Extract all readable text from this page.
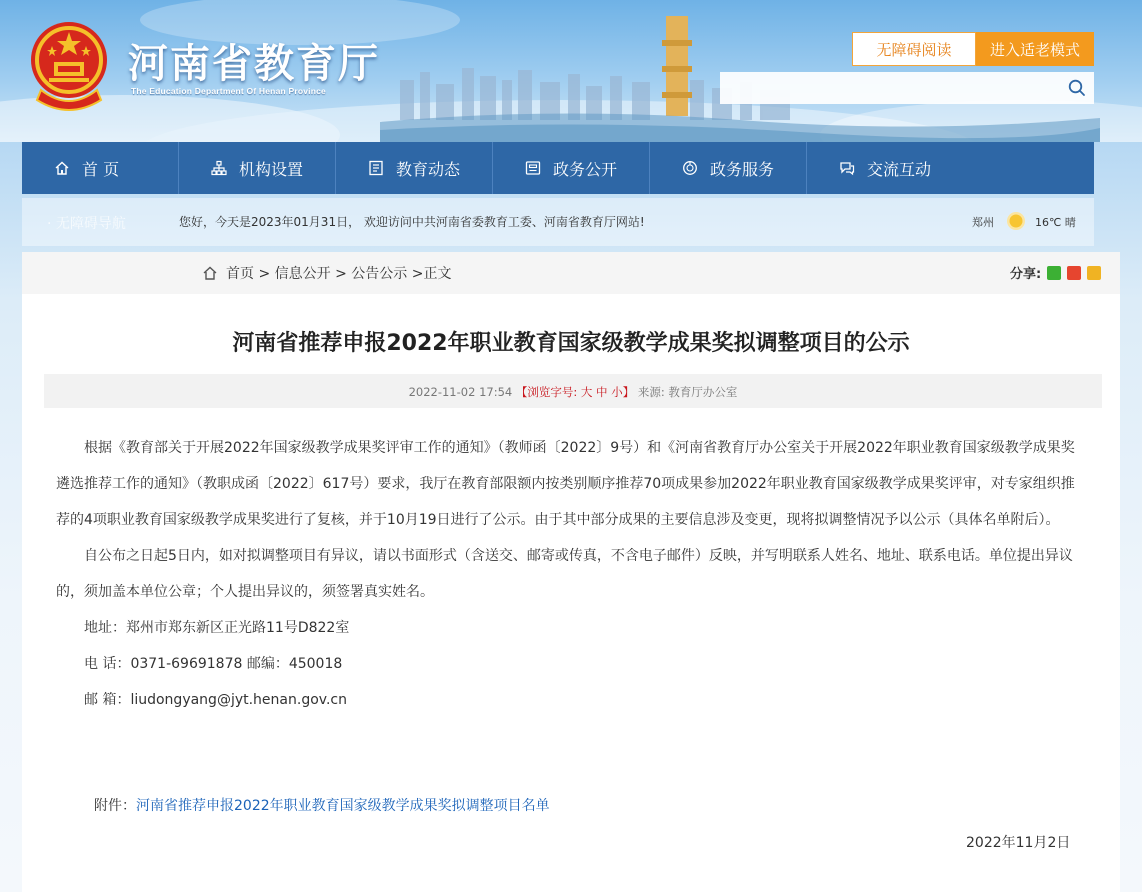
河南省教育厅
The Education Department Of Henan Province
无障碍阅读	进入适老模式
首 页	机构设置	教育动态	政务公开	政务服务	交流互动
· 无障碍导航	您好，今天是2023年01月31日， 欢迎访问中共河南省委教育工委、河南省教育厅网站!	郑州	16℃ 晴
首页 > 信息公开 > 公告公示 >正文	分享:
河南省推荐申报2022年职业教育国家级教学成果奖拟调整项目的公示
2022-11-02 17:54 【浏览字号: 大 中 小】 来源: 教育厅办公室

根据《教育部关于开展2022年国家级教学成果奖评审工作的通知》（教师函〔2022〕9号）和《河南省教育厅办公室关于开展2022年职业教育国家级教学成果奖遴选推荐工作的通知》（教职成函〔2022〕617号）要求，我厅在教育部限额内按类别顺序推荐70项成果参加2022年职业教育国家级教学成果奖评审，对专家组织推荐的4项职业教育国家级教学成果奖进行了复核，并于10月19日进行了公示。由于其中部分成果的主要信息涉及变更，现将拟调整情况予以公示（具体名单附后）。

自公布之日起5日内，如对拟调整项目有异议，请以书面形式（含送交、邮寄或传真，不含电子邮件）反映，并写明联系人姓名、地址、联系电话。单位提出异议的，须加盖本单位公章；个人提出异议的，须签署真实姓名。

地址：郑州市郑东新区正光路11号D822室

电 话：0371-69691878 邮编：450018

邮 箱：liudongyang@jyt.henan.gov.cn

附件：河南省推荐申报2022年职业教育国家级教学成果奖拟调整项目名单
2022年11月2日
